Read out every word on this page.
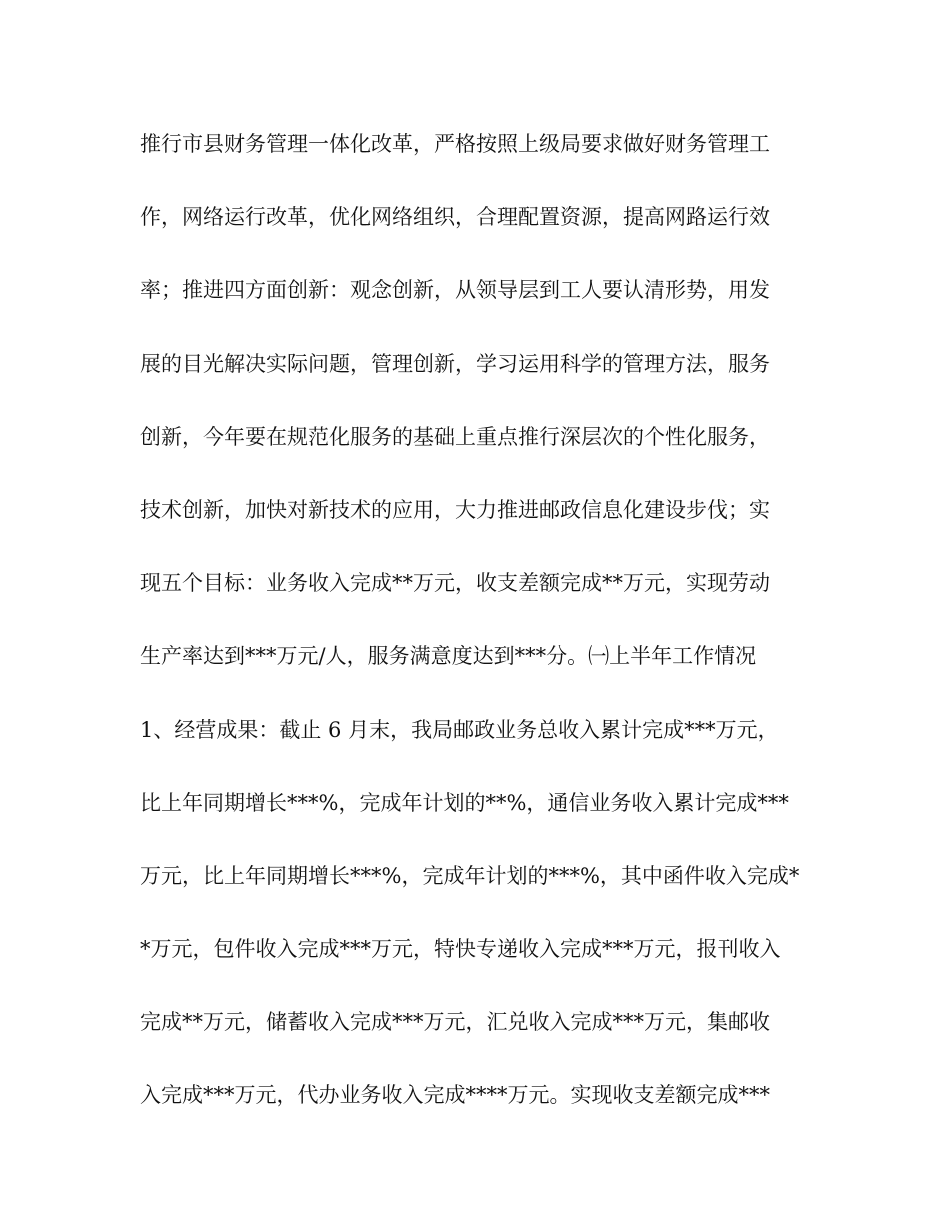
推行市县财务管理一体化改革，严格按照上级局要求做好财务管理工
作，网络运行改革，优化网络组织，合理配置资源，提高网路运行效
率；推进四方面创新：观念创新，从领导层到工人要认清形势，用发
展的目光解决实际问题，管理创新，学习运用科学的管理方法，服务
创新，今年要在规范化服务的基础上重点推行深层次的个性化服务，
技术创新，加快对新技术的应用，大力推进邮政信息化建设步伐；实
现五个目标：业务收入完成**万元，收支差额完成**万元，实现劳动
生产率达到***万元/人，服务满意度达到***分。㈠上半年工作情况
1、经营成果：截止 6 月末，我局邮政业务总收入累计完成***万元，
比上年同期增长***%，完成年计划的**%，通信业务收入累计完成***
万元，比上年同期增长***%，完成年计划的***%，其中函件收入完成*
*万元，包件收入完成***万元，特快专递收入完成***万元，报刊收入
完成**万元，储蓄收入完成***万元，汇兑收入完成***万元，集邮收
入完成***万元，代办业务收入完成****万元。实现收支差额完成***
